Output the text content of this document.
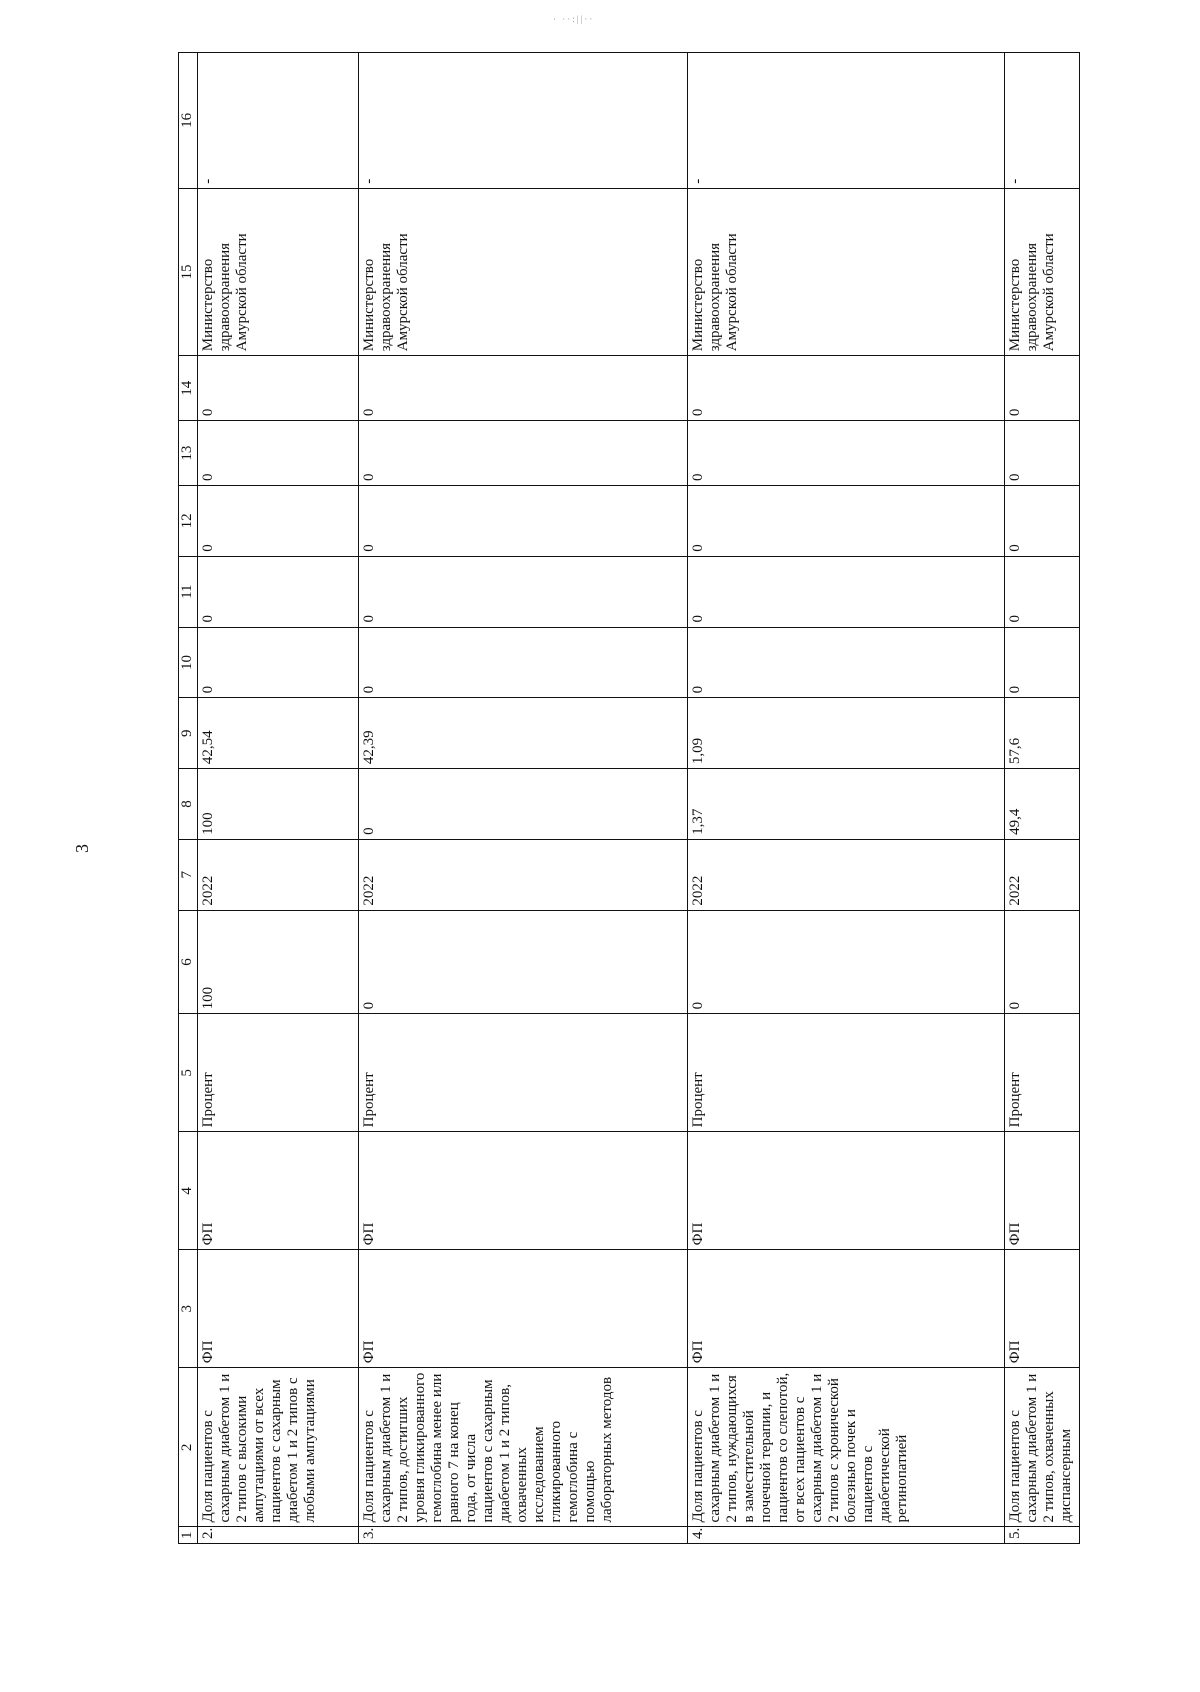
· ··:||··
3
1	2	3	4	5	6	7	8	9	10	11	12	13	14	15	16
2.	Доля пациентов с сахарным диабетом 1 и 2 типов с высокими ампутациями от всех пациентов с сахарным диабетом 1 и 2 типов с любыми ампутациями	ФП	ФП	Процент	100	2022	100	42,54	0	0	0	0	0	Министерство здравоохранения Амурской области	-
3.	Доля пациентов с сахарным диабетом 1 и 2 типов, достигших уровня гликированного гемоглобина менее или равного 7 на конец года, от числа пациентов с сахарным диабетом 1 и 2 типов, охваченных исследованием гликированного гемоглобина с помощью лабораторных методов	ФП	ФП	Процент	0	2022	0	42,39	0	0	0	0	0	Министерство здравоохранения Амурской области	-
4.	Доля пациентов с сахарным диабетом 1 и 2 типов, нуждающихся в заместительной почечной терапии, и пациентов со слепотой, от всех пациентов с сахарным диабетом 1 и 2 типов с хронической болезнью почек и пациентов с диабетической ретинопатией	ФП	ФП	Процент	0	2022	1,37	1,09	0	0	0	0	0	Министерство здравоохранения Амурской области	-
5.	Доля пациентов с сахарным диабетом 1 и 2 типов, охваченных диспансерным	ФП	ФП	Процент	0	2022	49,4	57,6	0	0	0	0	0	Министерство здравоохранения Амурской области	-
